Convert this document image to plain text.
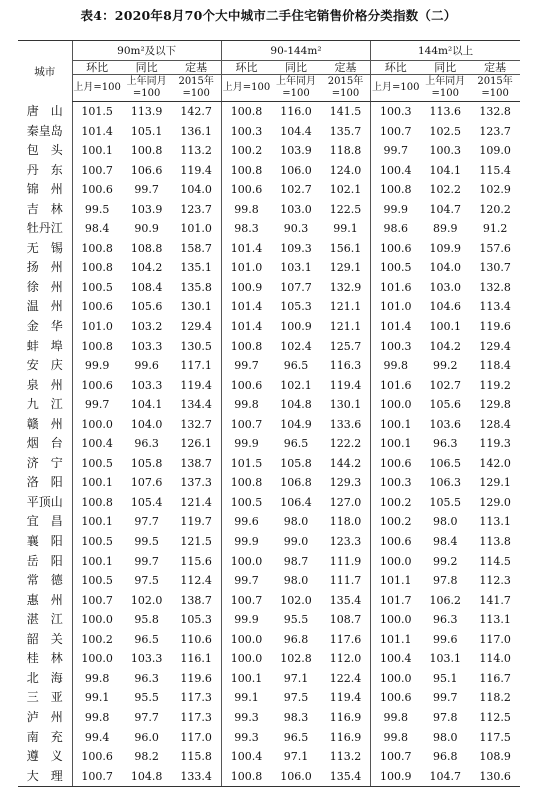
表4：2020年8月70个大中城市二手住宅销售价格分类指数（二）
城市	90m²及以下			90-144m²			144m²以上		
	环比	同比	定基	环比	同比	定基	环比	同比	定基
	上月=100	上年同月=100	2015年=100	上月=100	上年同月=100	2015年=100	上月=100	上年同月=100	2015年=100
唐　山	101.5	113.9	142.7	100.8	116.0	141.5	100.3	113.6	132.8
秦皇岛	101.4	105.1	136.1	100.3	104.4	135.7	100.7	102.5	123.7
包　头	100.1	100.8	113.2	100.2	103.9	118.8	99.7	100.3	109.0
丹　东	100.7	106.6	119.4	100.8	106.0	124.0	100.4	104.1	115.4
锦　州	100.6	99.7	104.0	100.6	102.7	102.1	100.8	102.2	102.9
吉　林	99.5	103.9	123.7	99.8	103.0	122.5	99.9	104.7	120.2
牡丹江	98.4	90.9	101.0	98.3	90.3	99.1	98.6	89.9	91.2
无　锡	100.8	108.8	158.7	101.4	109.3	156.1	100.6	109.9	157.6
扬　州	100.8	104.2	135.1	101.0	103.1	129.1	100.5	104.0	130.7
徐　州	100.5	108.4	135.8	100.9	107.7	132.9	101.6	103.0	132.8
温　州	100.6	105.6	130.1	101.4	105.3	121.1	101.0	104.6	113.4
金　华	101.0	103.2	129.4	101.4	100.9	121.1	101.4	100.1	119.6
蚌　埠	100.8	103.3	130.5	100.8	102.4	125.7	100.3	104.2	129.4
安　庆	99.9	99.6	117.1	99.7	96.5	116.3	99.8	99.2	118.4
泉　州	100.6	103.3	119.4	100.6	102.1	119.4	101.6	102.7	119.2
九　江	99.7	104.1	134.4	99.8	104.8	130.1	100.0	105.6	129.8
赣　州	100.0	104.0	132.7	100.7	104.9	133.6	100.1	103.6	128.4
烟　台	100.4	96.3	126.1	99.9	96.5	122.2	100.1	96.3	119.3
济　宁	100.5	105.8	138.7	101.5	105.8	144.2	100.6	106.5	142.0
洛　阳	100.1	107.6	137.3	100.8	106.8	129.3	100.3	106.3	129.1
平顶山	100.8	105.4	121.4	100.5	106.4	127.0	100.2	105.5	129.0
宜　昌	100.1	97.7	119.7	99.6	98.0	118.0	100.2	98.0	113.1
襄　阳	100.5	99.5	121.5	99.9	99.0	123.3	100.6	98.4	113.8
岳　阳	100.1	99.7	115.6	100.0	98.7	111.9	100.0	99.2	114.5
常　德	100.5	97.5	112.4	99.7	98.0	111.7	101.1	97.8	112.3
惠　州	100.7	102.0	138.7	100.7	102.0	135.4	101.7	106.2	141.7
湛　江	100.0	95.8	105.3	99.9	95.5	108.7	100.0	96.3	113.1
韶　关	100.2	96.5	110.6	100.0	96.8	117.6	101.1	99.6	117.0
桂　林	100.0	103.3	116.1	100.0	102.8	112.0	100.4	103.1	114.0
北　海	99.8	96.3	119.6	100.1	97.1	122.4	100.0	95.1	116.7
三　亚	99.1	95.5	117.3	99.1	97.5	119.4	100.6	99.7	118.2
泸　州	99.8	97.7	117.3	99.3	98.3	116.9	99.8	97.8	112.5
南　充	99.4	96.0	117.0	99.3	96.5	116.9	99.8	98.0	117.5
遵　义	100.6	98.2	115.8	100.4	97.1	113.2	100.7	96.8	108.9
大　理	100.7	104.8	133.4	100.8	106.0	135.4	100.9	104.7	130.6
